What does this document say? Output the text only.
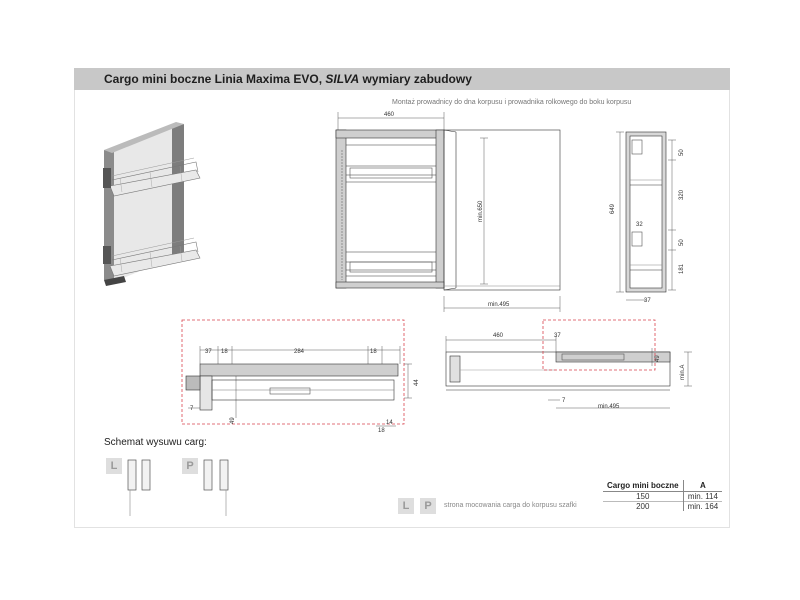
Cargo mini boczne Linia Maxima EVO, SILVA wymiary zabudowy
Montaż prowadnicy do dna korpusu i prowadnika rolkowego do boku korpusu
460
min.650
min.495
649
50
320
50
181
32
37
37 18	284	18
44
7
49	14
18
460	37
49
7
min.495
min.A
Schemat wysuwu carg:
L	P
L	P	strona mocowania carga do korpusu szafki
Cargo mini boczne	A
150	min. 114
200	min. 164
